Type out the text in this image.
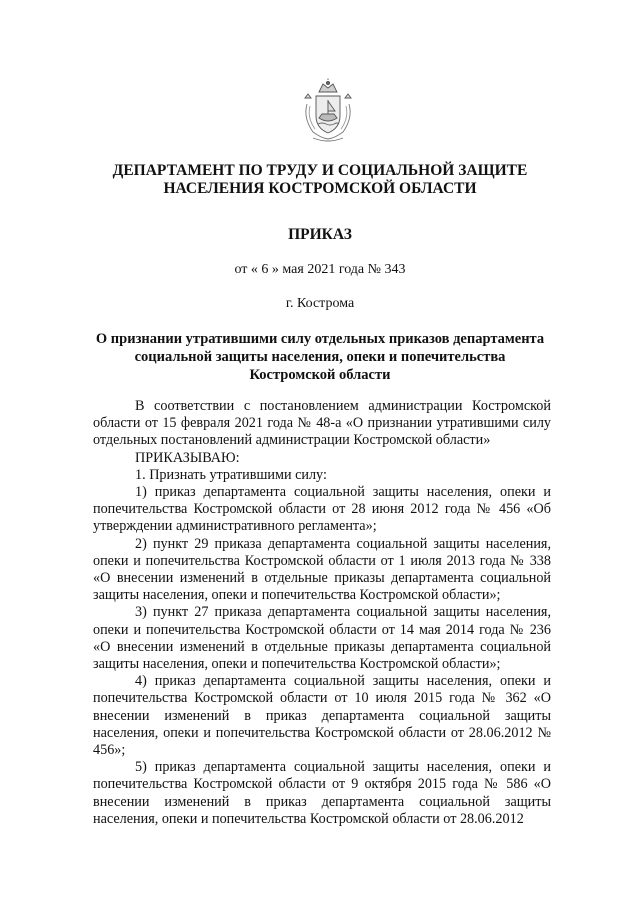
ДЕПАРТАМЕНТ ПО ТРУДУ И СОЦИАЛЬНОЙ ЗАЩИТЕ
НАСЕЛЕНИЯ КОСТРОМСКОЙ ОБЛАСТИ
ПРИКАЗ
от « 6 » мая 2021 года № 343
г. Кострома
О признании утратившими силу отдельных приказов департамента
социальной защиты населения, опеки и попечительства
Костромской области

В соответствии с постановлением администрации Костромской области от 15 февраля 2021 года № 48-а «О признании утратившими силу отдельных постановлений администрации Костромской области»

ПРИКАЗЫВАЮ:

1. Признать утратившими силу:

1) приказ департамента социальной защиты населения, опеки и попечительства Костромской области от 28 июня 2012 года № 456 «Об утверждении административного регламента»;

2) пункт 29 приказа департамента социальной защиты населения, опеки и попечительства Костромской области от 1 июля 2013 года № 338 «О внесении изменений в отдельные приказы департамента социальной защиты населения, опеки и попечительства Костромской области»;

3) пункт 27 приказа департамента социальной защиты населения, опеки и попечительства Костромской области от 14 мая 2014 года № 236 «О внесении изменений в отдельные приказы департамента социальной защиты населения, опеки и попечительства Костромской области»;

4) приказ департамента социальной защиты населения, опеки и попечительства Костромской области от 10 июля 2015 года № 362 «О внесении изменений в приказ департамента социальной защиты населения, опеки и попечительства Костромской области от 28.06.2012 № 456»;

5) приказ департамента социальной защиты населения, опеки и попечительства Костромской области от 9 октября 2015 года № 586 «О внесении изменений в приказ департамента социальной защиты населения, опеки и попечительства Костромской области от 28.06.2012
